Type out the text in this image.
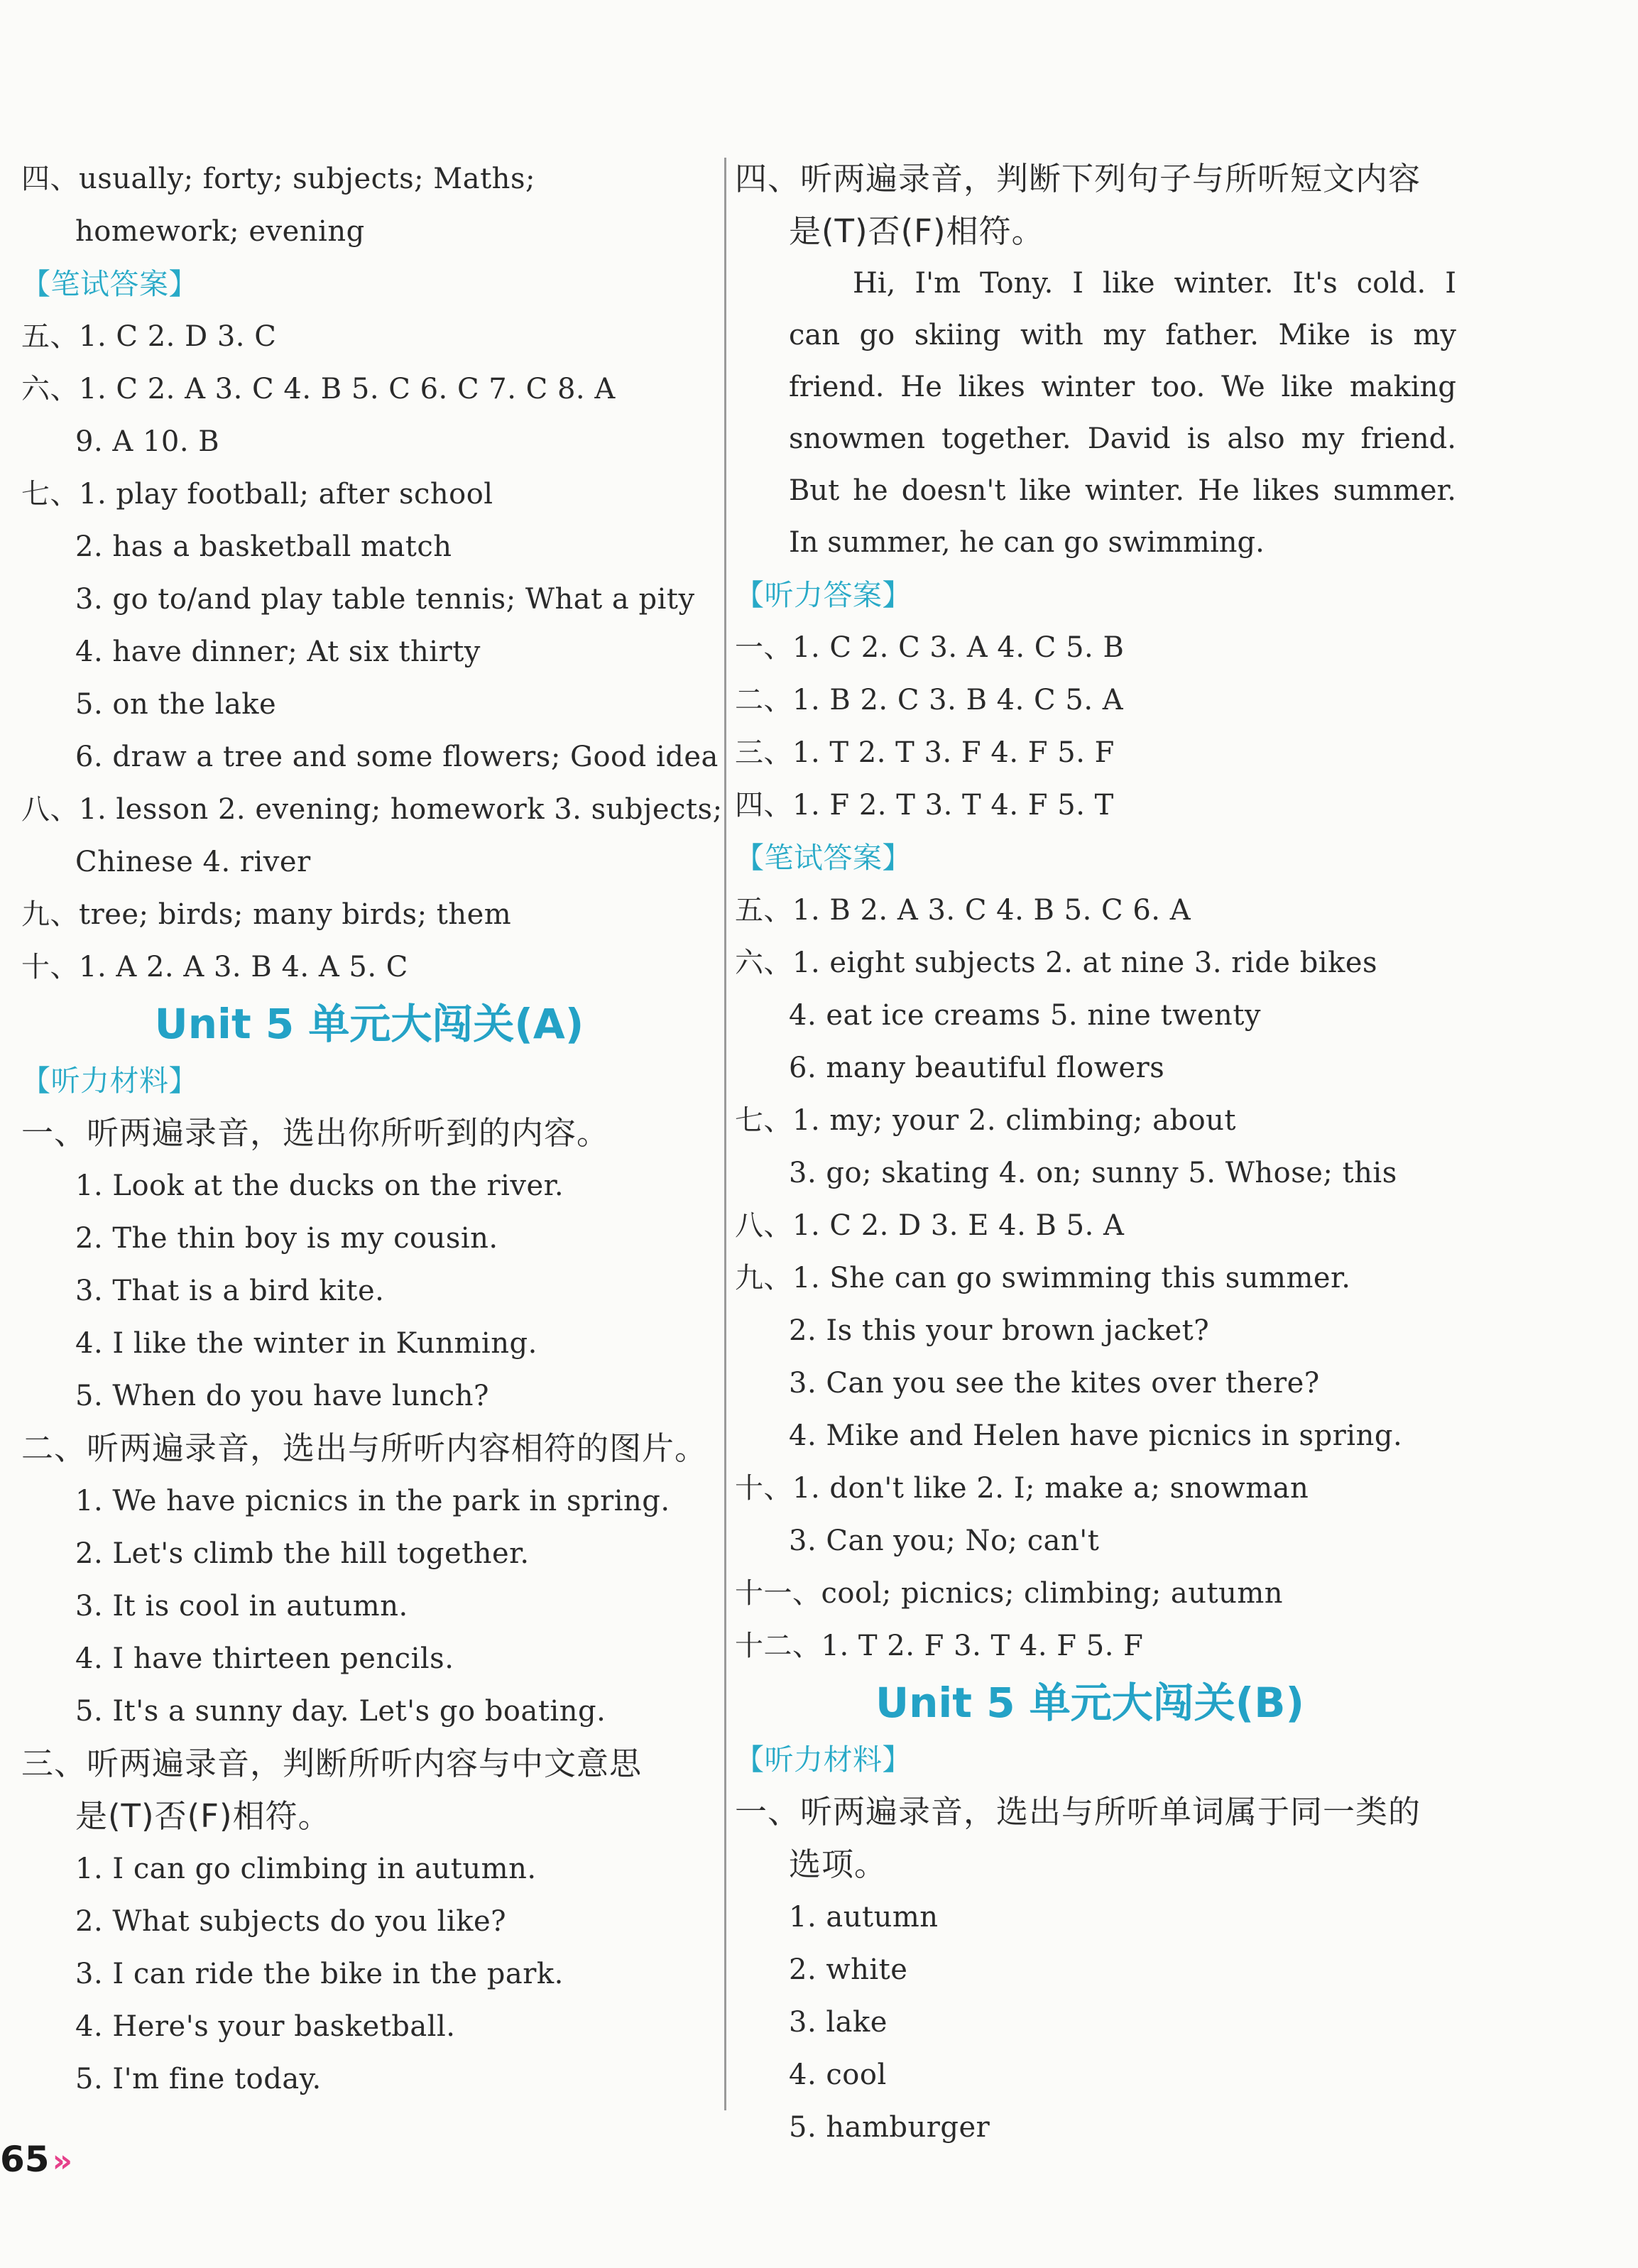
四、usually; forty; subjects; Maths;
homework; evening
【笔试答案】
五、1. C 2. D 3. C
六、1. C 2. A 3. C 4. B 5. C 6. C 7. C 8. A
9. A 10. B
七、1. play football; after school
2. has a basketball match
3. go to/and play table tennis; What a pity
4. have dinner; At six thirty
5. on the lake
6. draw a tree and some flowers; Good idea
八、1. lesson 2. evening; homework 3. subjects;
Chinese 4. river
九、tree; birds; many birds; them
十、1. A 2. A 3. B 4. A 5. C
Unit 5 单元大闯关(A)
【听力材料】
一、听两遍录音，选出你所听到的内容。
1. Look at the ducks on the river.
2. The thin boy is my cousin.
3. That is a bird kite.
4. I like the winter in Kunming.
5. When do you have lunch?
二、听两遍录音，选出与所听内容相符的图片。
1. We have picnics in the park in spring.
2. Let's climb the hill together.
3. It is cool in autumn.
4. I have thirteen pencils.
5. It's a sunny day. Let's go boating.
三、听两遍录音，判断所听内容与中文意思
是(T)否(F)相符。
1. I can go climbing in autumn.
2. What subjects do you like?
3. I can ride the bike in the park.
4. Here's your basketball.
5. I'm fine today.
四、听两遍录音，判断下列句子与所听短文内容
是(T)否(F)相符。
Hi, I'm Tony. I like winter. It's cold. I
can go skiing with my father. Mike is my
friend. He likes winter too. We like making
snowmen together. David is also my friend.
But he doesn't like winter. He likes summer.
In summer, he can go swimming.
【听力答案】
一、1. C 2. C 3. A 4. C 5. B
二、1. B 2. C 3. B 4. C 5. A
三、1. T 2. T 3. F 4. F 5. F
四、1. F 2. T 3. T 4. F 5. T
【笔试答案】
五、1. B 2. A 3. C 4. B 5. C 6. A
六、1. eight subjects 2. at nine 3. ride bikes
4. eat ice creams 5. nine twenty
6. many beautiful flowers
七、1. my; your 2. climbing; about
3. go; skating 4. on; sunny 5. Whose; this
八、1. C 2. D 3. E 4. B 5. A
九、1. She can go swimming this summer.
2. Is this your brown jacket?
3. Can you see the kites over there?
4. Mike and Helen have picnics in spring.
十、1. don't like 2. I; make a; snowman
3. Can you; No; can't
十一、cool; picnics; climbing; autumn
十二、1. T 2. F 3. T 4. F 5. F
Unit 5 单元大闯关(B)
【听力材料】
一、听两遍录音，选出与所听单词属于同一类的
选项。
1. autumn
2. white
3. lake
4. cool
5. hamburger
65»
